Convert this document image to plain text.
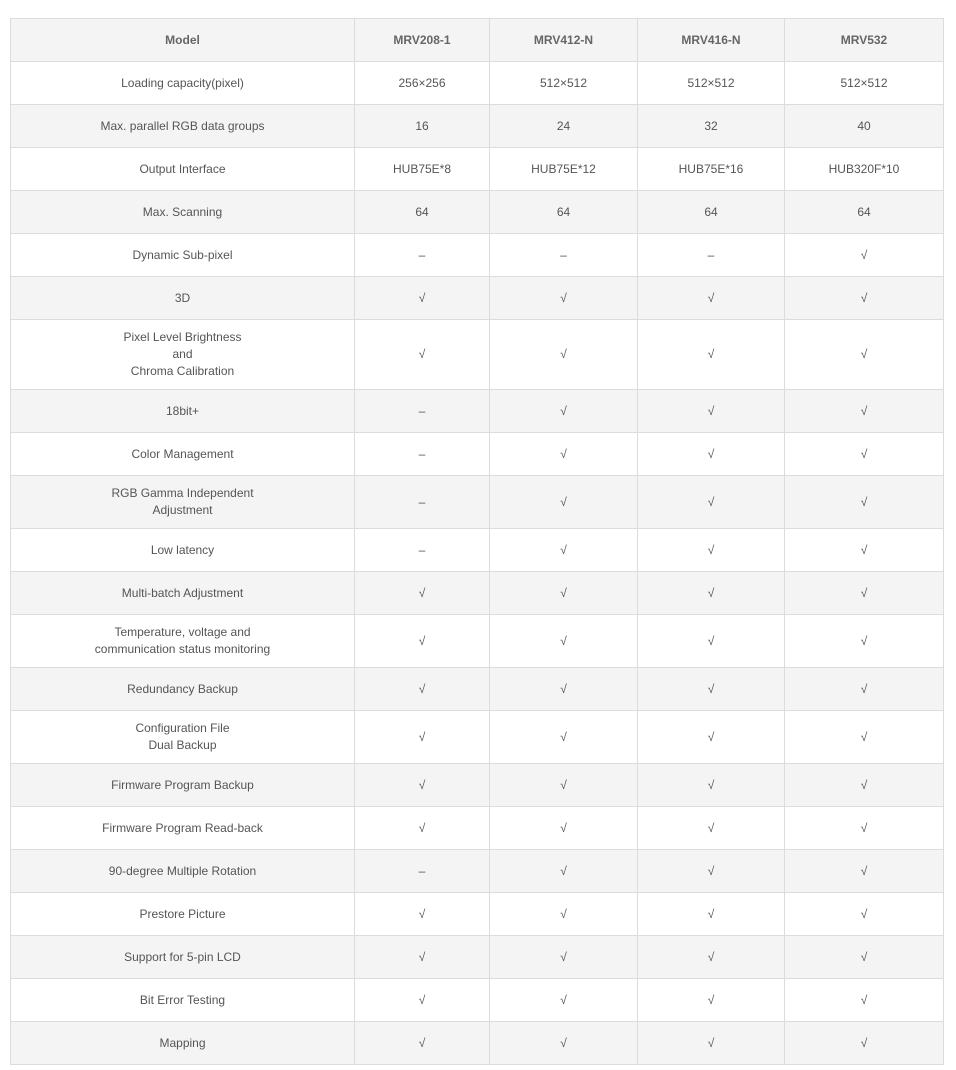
Model	MRV208-1	MRV412-N	MRV416-N	MRV532
Loading capacity(pixel)	256×256	512×512	512×512	512×512
Max. parallel RGB data groups	16	24	32	40
Output Interface	HUB75E*8	HUB75E*12	HUB75E*16	HUB320F*10
Max. Scanning	64	64	64	64
Dynamic Sub-pixel	–	–	–	√
3D	√	√	√	√
Pixel Level Brightness
and
Chroma Calibration	√	√	√	√
18bit+	–	√	√	√
Color Management	–	√	√	√
RGB Gamma Independent
Adjustment	–	√	√	√
Low latency	–	√	√	√
Multi-batch Adjustment	√	√	√	√
Temperature, voltage and
communication status monitoring	√	√	√	√
Redundancy Backup	√	√	√	√
Configuration File
Dual Backup	√	√	√	√
Firmware Program Backup	√	√	√	√
Firmware Program Read-back	√	√	√	√
90-degree Multiple Rotation	–	√	√	√
Prestore Picture	√	√	√	√
Support for 5-pin LCD	√	√	√	√
Bit Error Testing	√	√	√	√
Mapping	√	√	√	√
